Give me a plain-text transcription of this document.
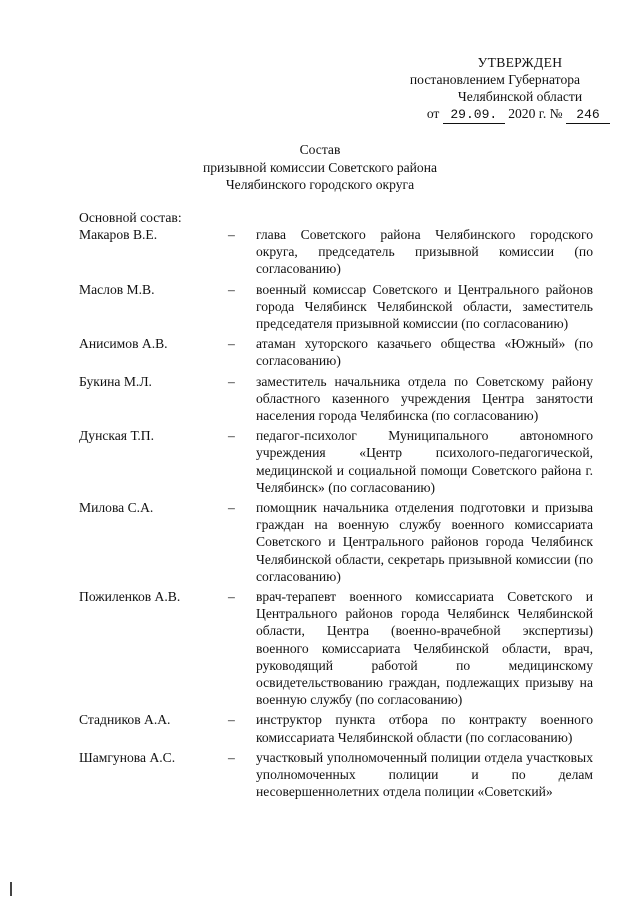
УТВЕРЖДЕН
постановлением Губернатора
Челябинской области
от 29.09. 2020 г. № 246
Состав
призывной комиссии Советского района
Челябинского городского округа
Основной состав:
Макаров В.Е.	–	глава Советского района Челябинского городского округа, председатель призывной комиссии (по согласованию)
Маслов М.В.	–	военный комиссар Советского и Центрального районов города Челябинск Челябинской области, заместитель председателя призывной комиссии (по согласованию)
Анисимов А.В.	–	атаман хуторского казачьего общества «Южный» (по согласованию)
Букина М.Л.	–	заместитель начальника отдела по Советскому району областного казенного учреждения Центра занятости населения города Челябинска (по согласованию)
Дунская Т.П.	–	педагог-психолог Муниципального автономного учреждения «Центр психолого-педагогической, медицинской и социальной помощи Советского района г. Челябинск» (по согласованию)
Милова С.А.	–	помощник начальника отделения подготовки и призыва граждан на военную службу военного комиссариата Советского и Центрального районов города Челябинск Челябинской области, секретарь призывной комиссии (по согласованию)
Пожиленков А.В.	–	врач-терапевт военного комиссариата Советского и Центрального районов города Челябинск Челябинской области, Центра (военно-врачебной экспертизы) военного комиссариата Челябинской области, врач, руководящий работой по медицинскому освидетельствованию граждан, подлежащих призыву на военную службу (по согласованию)
Стадников А.А.	–	инструктор пункта отбора по контракту военного комиссариата Челябинской области (по согласованию)
Шамгунова А.С.	–	участковый уполномоченный полиции отдела участковых уполномоченных полиции и по делам несовершеннолетних отдела полиции «Советский»
